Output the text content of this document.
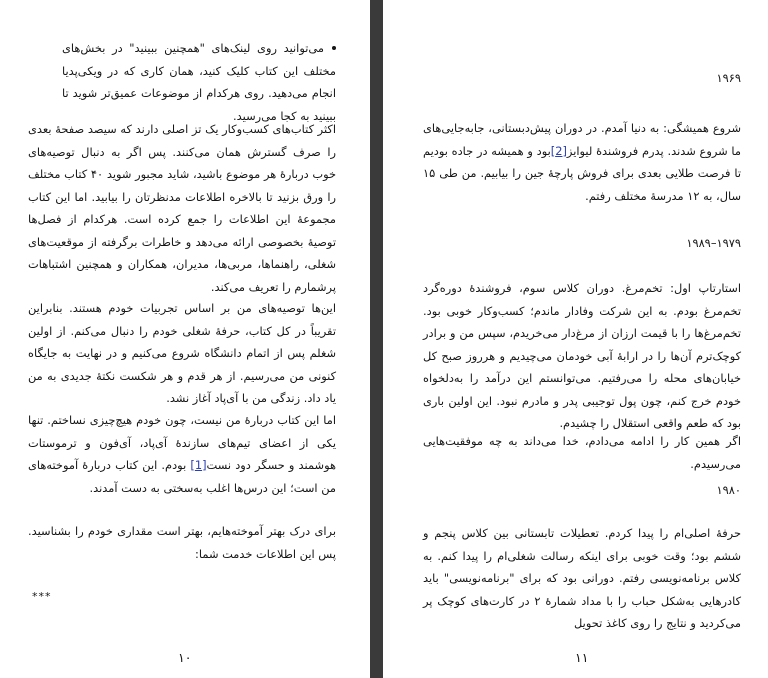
می‌توانید روی لینک‌های "همچنین ببینید" در بخش‌های مختلف این کتاب کلیک کنید، همان کاری که در ویکی‌پدیا انجام می‌دهید. روی هرکدام از موضوعات عمیق‌تر شوید تا ببینید به کجا می‌رسید.

اکثر کتاب‌های کسب‌وکار یک تز اصلی دارند که سیصد صفحهٔ بعدی را صرف گسترش همان می‌کنند. پس اگر به دنبال توصیه‌های خوب دربارهٔ هر موضوع باشید، شاید مجبور شوید ۴۰ کتاب مختلف را ورق بزنید تا بالاخره اطلاعات مدنظرتان را بیابید. اما این کتاب مجموعهٔ این اطلاعات را جمع کرده است. هرکدام از فصل‌ها توصیهٔ بخصوصی ارائه می‌دهد و خاطرات برگرفته از موقعیت‌های شغلی، راهنماها، مربی‌ها، مدیران، همکاران و همچنین اشتباهات پرشمارم را تعریف می‌کند.

این‌ها توصیه‌های من بر اساس تجربیات خودم هستند. بنابراین تقریباً در کل کتاب، حرفهٔ شغلی خودم را دنبال می‌کنم. از اولین شغلم پس از اتمام دانشگاه شروع می‌کنیم و در نهایت به جایگاه کنونی من می‌رسیم. از هر قدم و هر شکست نکتهٔ جدیدی به من یاد داد. زندگی من با آی‌پاد آغاز نشد.

اما این کتاب دربارهٔ من نیست، چون خودم هیچ‌چیزی نساختم. تنها یکی از اعضای تیم‌های سازندهٔ آی‌پاد، آی‌فون و ترموستات هوشمند و حسگر دود نست[1] بودم. این کتاب دربارهٔ آموخته‌های من است؛ این درس‌ها اغلب به‌سختی به دست آمدند.

برای درک بهتر آموخته‌هایم، بهتر است مقداری خودم را بشناسید. پس این اطلاعات خدمت شما:

***
۱۰
۱۹۶۹

شروع همیشگی: به دنیا آمدم. در دوران پیش‌دبستانی، جابه‌جایی‌های ما شروع شدند. پدرم فروشندهٔ لیوایز[2]بود و همیشه در جاده بودیم تا فرصت طلایی بعدی برای فروش پارچهٔ جین را بیابیم. من طی ۱۵ سال، به ۱۲ مدرسهٔ مختلف رفتم.

۱۹۷۹–۱۹۸۹

استارتاپ اول: تخم‌مرغ. دوران کلاس سوم، فروشندهٔ دوره‌گرد تخم‌مرغ بودم. به این شرکت وفادار ماندم؛ کسب‌وکار خوبی بود. تخم‌مرغ‌ها را با قیمت ارزان از مرغ‌دار می‌خریدم، سپس من و برادر کوچک‌ترم آن‌ها را در ارابهٔ آبی خودمان می‌چیدیم و هرروز صبح کل خیابان‌های محله را می‌رفتیم. می‌توانستم این درآمد را به‌دلخواه خودم خرج کنم، چون پول توجیبی پدر و مادرم نبود. این اولین باری بود که طعم واقعی استقلال را چشیدم.

اگر همین کار را ادامه می‌دادم، خدا می‌داند به چه موفقیت‌هایی می‌رسیدم.

۱۹۸۰

حرفهٔ اصلی‌ام را پیدا کردم. تعطیلات تابستانی بین کلاس پنجم و ششم بود؛ وقت خوبی برای اینکه رسالت شغلی‌ام را پیدا کنم. به کلاس برنامه‌نویسی رفتم. دورانی بود که برای "برنامه‌نویسی" باید کادرهایی به‌شکل حباب را با مداد شمارهٔ ۲ در کارت‌های کوچک پر می‌کردید و نتایج را روی کاغذ تحویل

۱۱
